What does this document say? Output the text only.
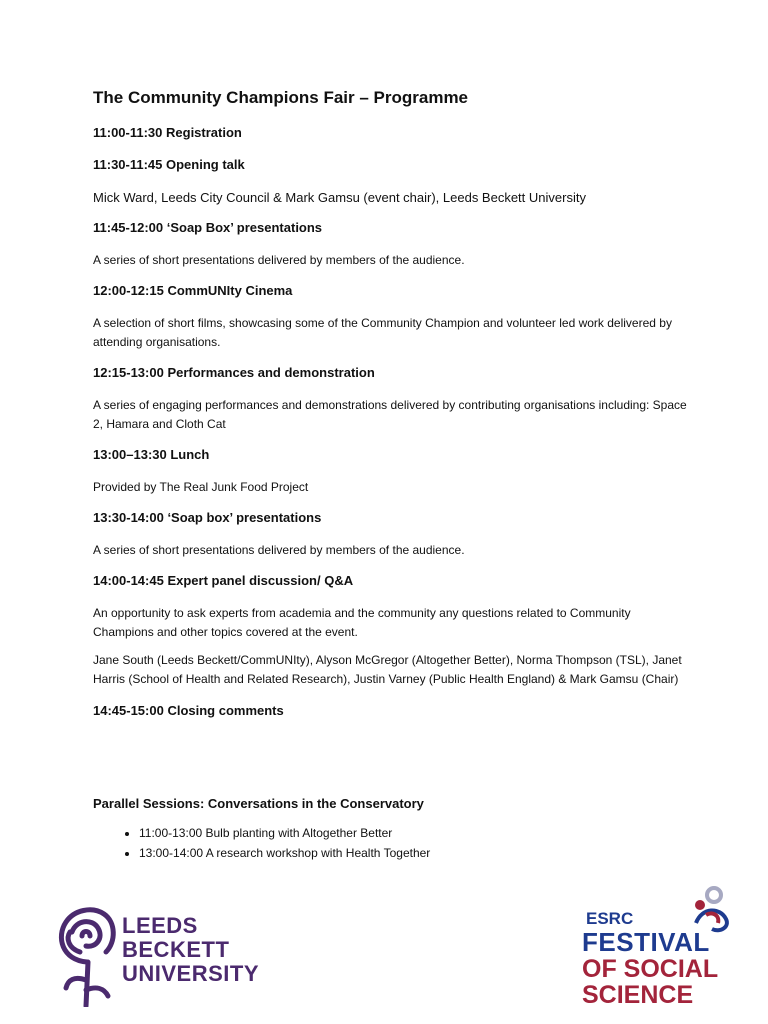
The Community Champions Fair – Programme

11:00-11:30 Registration

11:30-11:45 Opening talk

Mick Ward, Leeds City Council & Mark Gamsu (event chair), Leeds Beckett University

11:45-12:00 ‘Soap Box’ presentations

A series of short presentations delivered by members of the audience.

12:00-12:15 CommUNIty Cinema

A selection of short films, showcasing some of the Community Champion and volunteer led work delivered by attending organisations.

12:15-13:00 Performances and demonstration

A series of engaging performances and demonstrations delivered by contributing organisations including: Space 2, Hamara and Cloth Cat

13:00–13:30 Lunch

Provided by The Real Junk Food Project

13:30-14:00 ‘Soap box’ presentations

A series of short presentations delivered by members of the audience.

14:00-14:45 Expert panel discussion/ Q&A

An opportunity to ask experts from academia and the community any questions related to Community Champions and other topics covered at the event.

Jane South (Leeds Beckett/CommUNIty), Alyson McGregor (Altogether Better), Norma Thompson (TSL), Janet Harris (School of Health and Related Research), Justin Varney (Public Health England) & Mark Gamsu (Chair)

14:45-15:00 Closing comments

Parallel Sessions: Conversations in the Conservatory

• 11:00-13:00 Bulb planting with Altogether Better
• 13:00-14:00 A research workshop with Health Together
LEEDS
BECKETT
UNIVERSITY
ESRC
FESTIVAL
OF SOCIAL
SCIENCE
